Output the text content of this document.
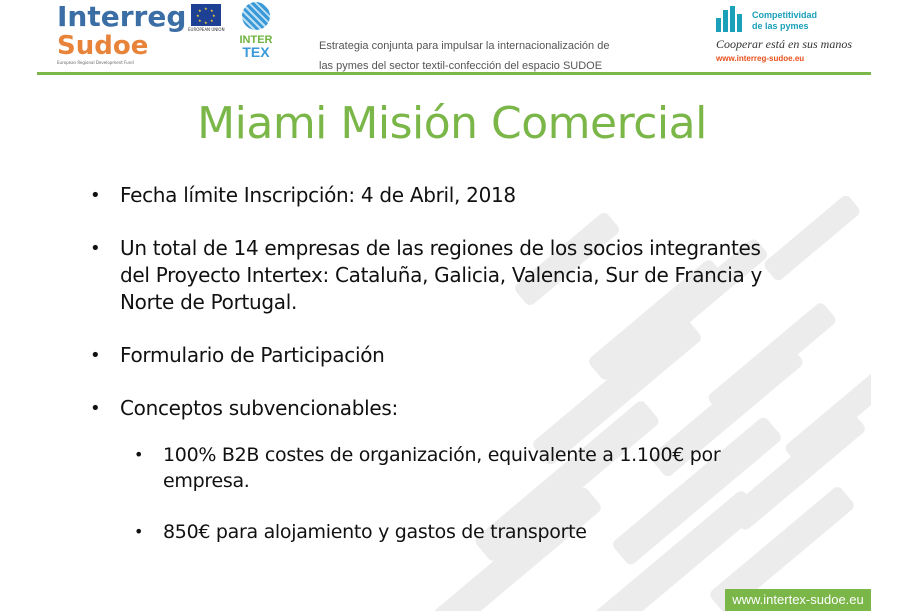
Interreg
Sudoe
European Regional Development Fund
★ ★
★
★
★
★
★
★
EUROPEAN UNION
INTER
TEX	Estrategia conjunta para impulsar la internacionalización de
las pymes del sector textil-confección del espacio SUDOE
Competitividad
de las pymes
Cooperar está en sus manos
www.interreg-sudoe.eu
Miami Misión Comercial
• Fecha límite Inscripción: 4 de Abril, 2018
• Un total de 14 empresas de las regiones de los socios integrantes del Proyecto Intertex: Cataluña, Galicia, Valencia, Sur de Francia y Norte de Portugal.
• Formulario de Participación
• Conceptos subvencionables:
• 100% B2B costes de organización, equivalente a 1.100€ por empresa.
• 850€ para alojamiento y gastos de transporte
www.intertex-sudoe.eu
